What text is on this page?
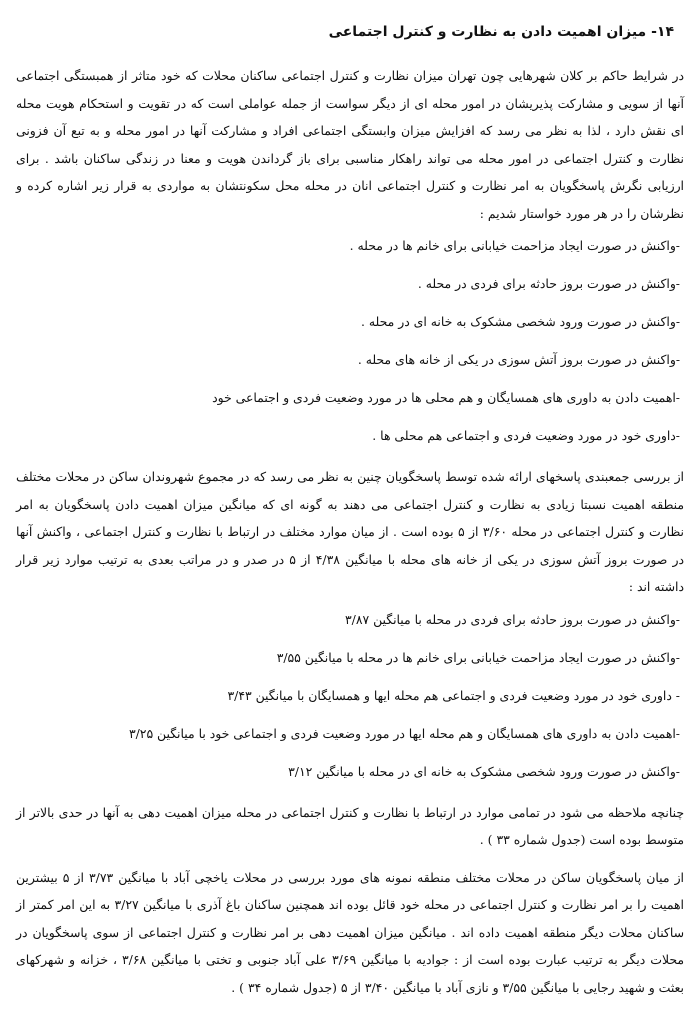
۱۴- میزان اهمیت دادن به نظارت و کنترل اجتماعی

در شرایط حاکم بر کلان شهرهایی چون تهران میزان نظارت و کنترل اجتماعی ساکنان محلات که خود متاثر از همبستگی اجتماعی آنها از سویی و مشارکت پذیریشان در امور محله ای از دیگر سواست از جمله عواملی است که در تقویت و استحکام هویت محله ای نقش دارد ، لذا به نظر می رسد که افزایش میزان وابستگی اجتماعی افراد و مشارکت آنها در امور محله و به تبع آن فزونی نظارت و کنترل اجتماعی در امور محله می تواند راهکار مناسبی برای باز گرداندن هویت و معنا در زندگی ساکنان باشد . برای ارزیابی نگرش پاسخگویان به امر نظارت و کنترل اجتماعی انان در محله محل سکونتشان به مواردی به قرار زیر اشاره کرده و نظرشان را در هر مورد خواستار شدیم :

-واکنش در صورت ایجاد مزاحمت خیابانی برای خانم ها در محله .
-واکنش در صورت بروز حادثه برای فردی در محله .
-واکنش در صورت ورود شخصی مشکوک به خانه ای در محله .
-واکنش در صورت بروز آتش سوزی در یکی از خانه های محله .
-اهمیت دادن به داوری های همسایگان و هم محلی ها در مورد وضعیت فردی و اجتماعی خود
-داوری خود در مورد وضعیت فردی و اجتماعی هم محلی ها .

از بررسی جمعبندی پاسخهای ارائه شده توسط پاسخگویان چنین به نظر می رسد که در مجموع شهروندان ساکن در محلات مختلف منطقه اهمیت نسبتا زیادی به نظارت و کنترل اجتماعی می دهند به گونه ای که میانگین میزان اهمیت دادن پاسخگویان به امر نظارت و کنترل اجتماعی در محله ۳/۶۰ از ۵ بوده است . از میان موارد مختلف در ارتباط با نظارت و کنترل اجتماعی ، واکنش آنها در صورت بروز آتش سوزی در یکی از خانه های محله با میانگین ۴/۳۸ از ۵ در صدر و در مراتب بعدی به ترتیب موارد زیر قرار داشته اند :

-واکنش در صورت بروز حادثه برای فردی در محله با میانگین ۳/۸۷
-واکنش در صورت ایجاد مزاحمت خیابانی برای خانم ها در محله با میانگین ۳/۵۵
- داوری خود در مورد وضعیت فردی و اجتماعی هم محله ایها و همسایگان با میانگین ۳/۴۳
-اهمیت دادن به داوری های همسایگان و هم محله ایها در مورد وضعیت فردی و اجتماعی خود با میانگین ۳/۲۵
-واکنش در صورت ورود شخصی مشکوک به خانه ای در محله با میانگین ۳/۱۲

چنانچه ملاحظه می شود در تمامی موارد در ارتباط با نظارت و کنترل اجتماعی در محله میزان اهمیت دهی به آنها در حدی بالاتر از متوسط بوده است (جدول شماره ۳۳ ) .

از میان پاسخگویان ساکن در محلات مختلف منطقه نمونه های مورد بررسی در محلات یاخچی آباد با میانگین ۳/۷۳ از ۵ بیشترین اهمیت را بر امر نظارت و کنترل اجتماعی در محله خود قائل بوده اند همچنین ساکنان باغ آذری با میانگین ۳/۲۷ به این امر کمتر از ساکنان محلات دیگر منطقه اهمیت داده اند . میانگین میزان اهمیت دهی بر امر نظارت و کنترل اجتماعی از سوی پاسخگویان در محلات دیگر به ترتیب عبارت بوده است از : جوادیه با میانگین ۳/۶۹ علی آباد جنوبی و تختی با میانگین ۳/۶۸ ، خزانه و شهرکهای بعثت و شهید رجایی با میانگین ۳/۵۵ و نازی آباد با میانگین ۳/۴۰ از ۵ (جدول شماره ۳۴ ) .
